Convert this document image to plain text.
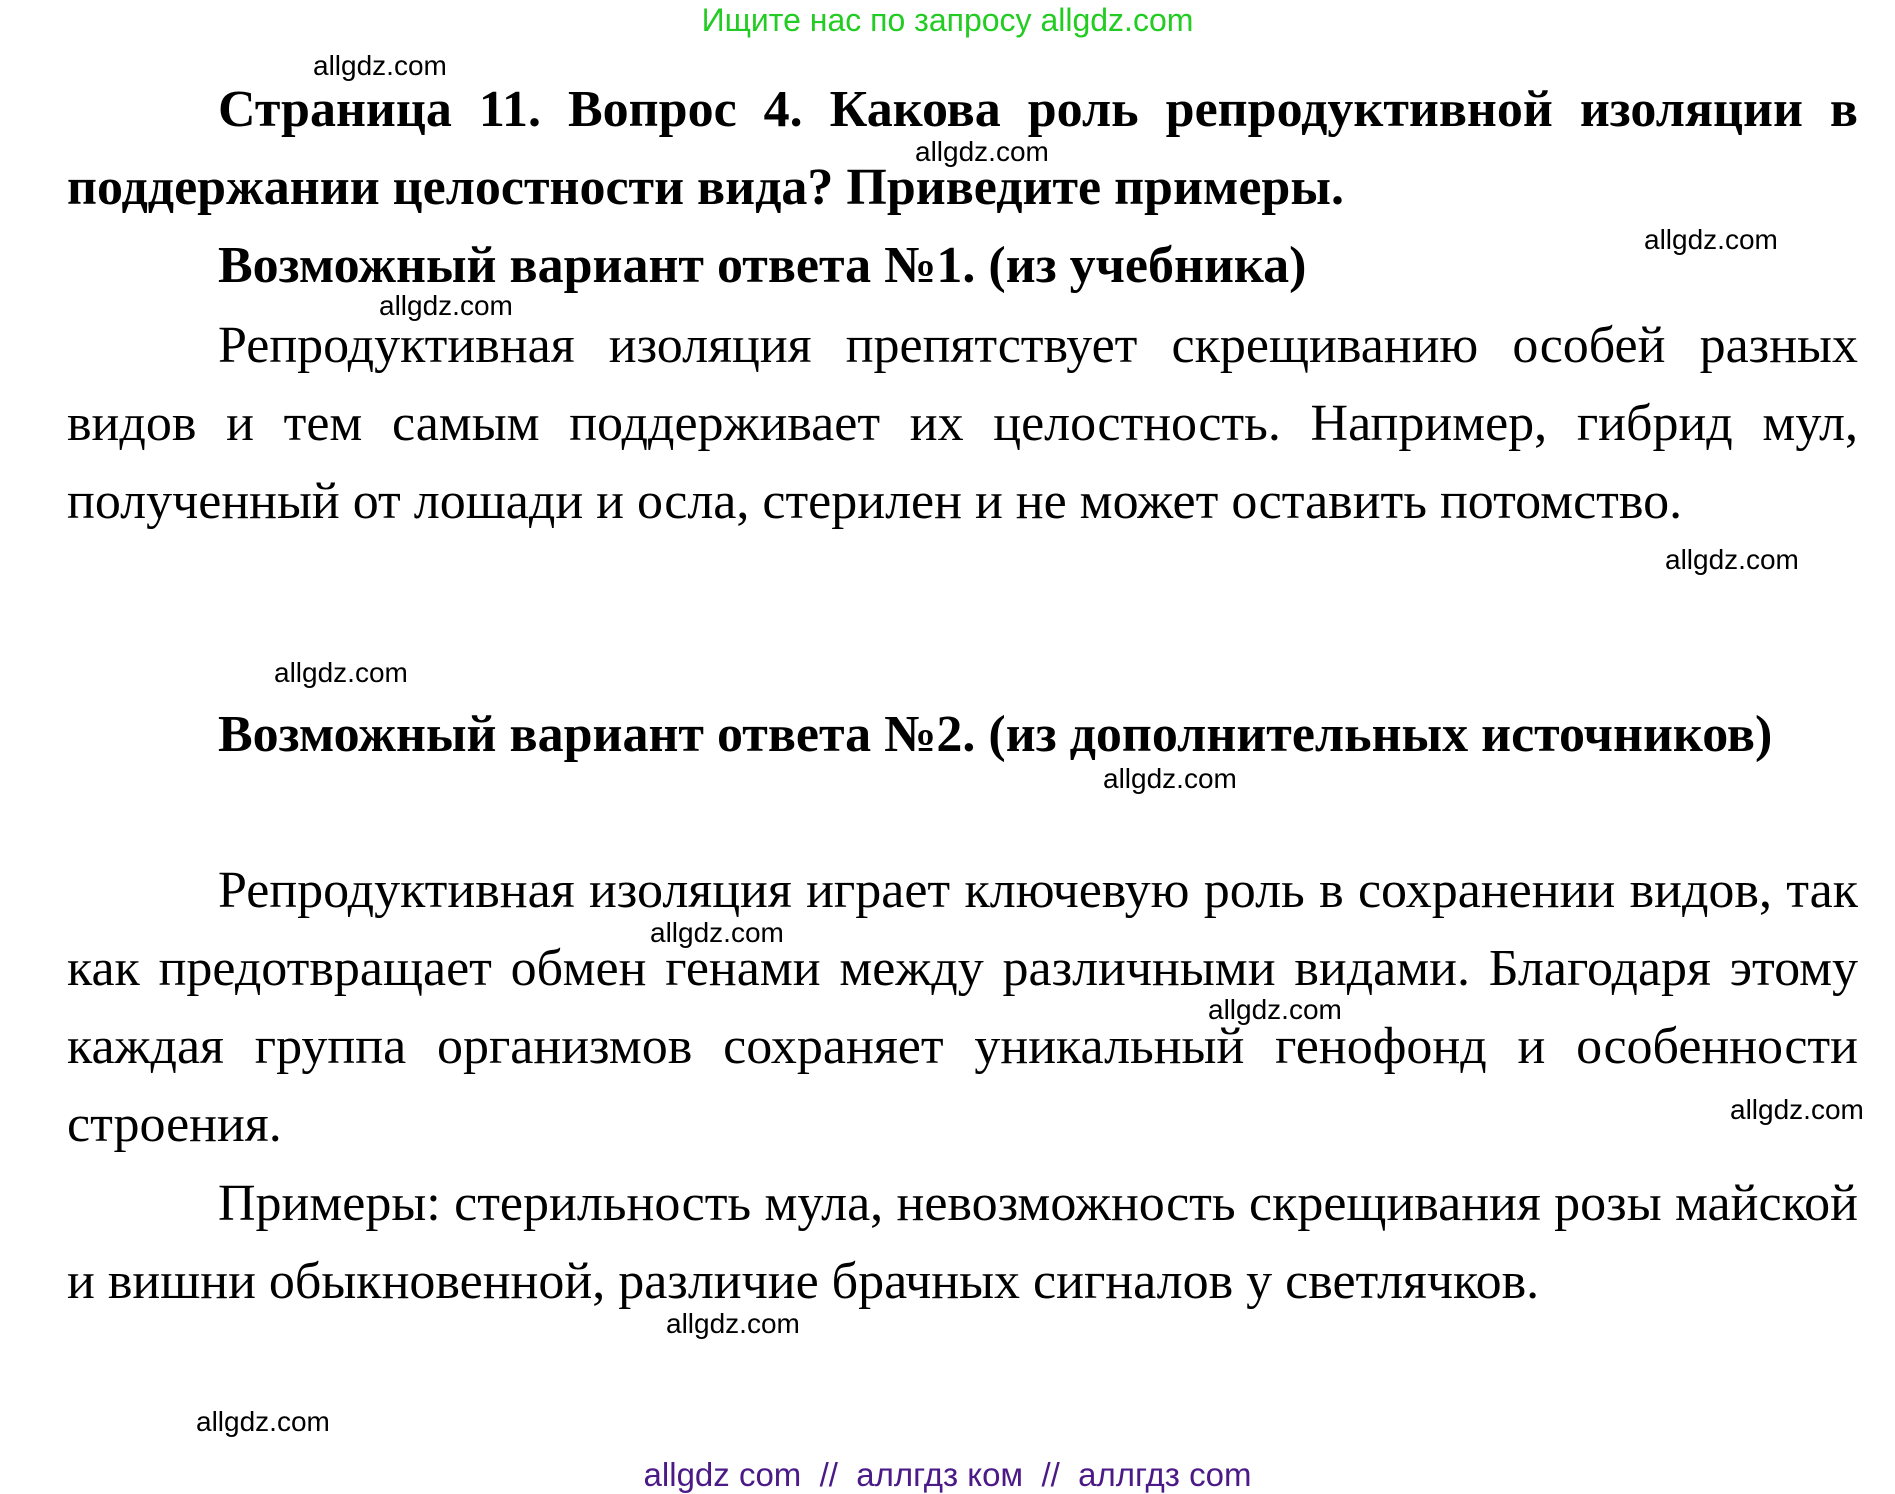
Ищите нас по запросу allgdz.com

Страница 11. Вопрос 4. Какова роль репродуктивной изоляции в поддержании целостности вида? Приведите примеры.

Возможный вариант ответа №1. (из учебника)

Репродуктивная изоляция препятствует скрещиванию особей разных видов и тем самым поддерживает их целостность. Например, гибрид мул, полученный от лошади и осла, стерилен и не может оставить потомство.

Возможный вариант ответа №2. (из дополнительных источников)

Репродуктивная изоляция играет ключевую роль в сохранении видов, так как предотвращает обмен генами между различными видами. Благодаря этому каждая группа организмов сохраняет уникальный генофонд и особенности строения.

Примеры: стерильность мула, невозможность скрещивания розы майской и вишни обыкновенной, различие брачных сигналов у светлячков.

allgdz.com
allgdz.com
allgdz.com
allgdz.com
allgdz.com
allgdz.com
allgdz.com
allgdz.com
allgdz.com
allgdz.com
allgdz.com
allgdz.com
allgdz com  //  аллгдз ком  //  аллгдз com
